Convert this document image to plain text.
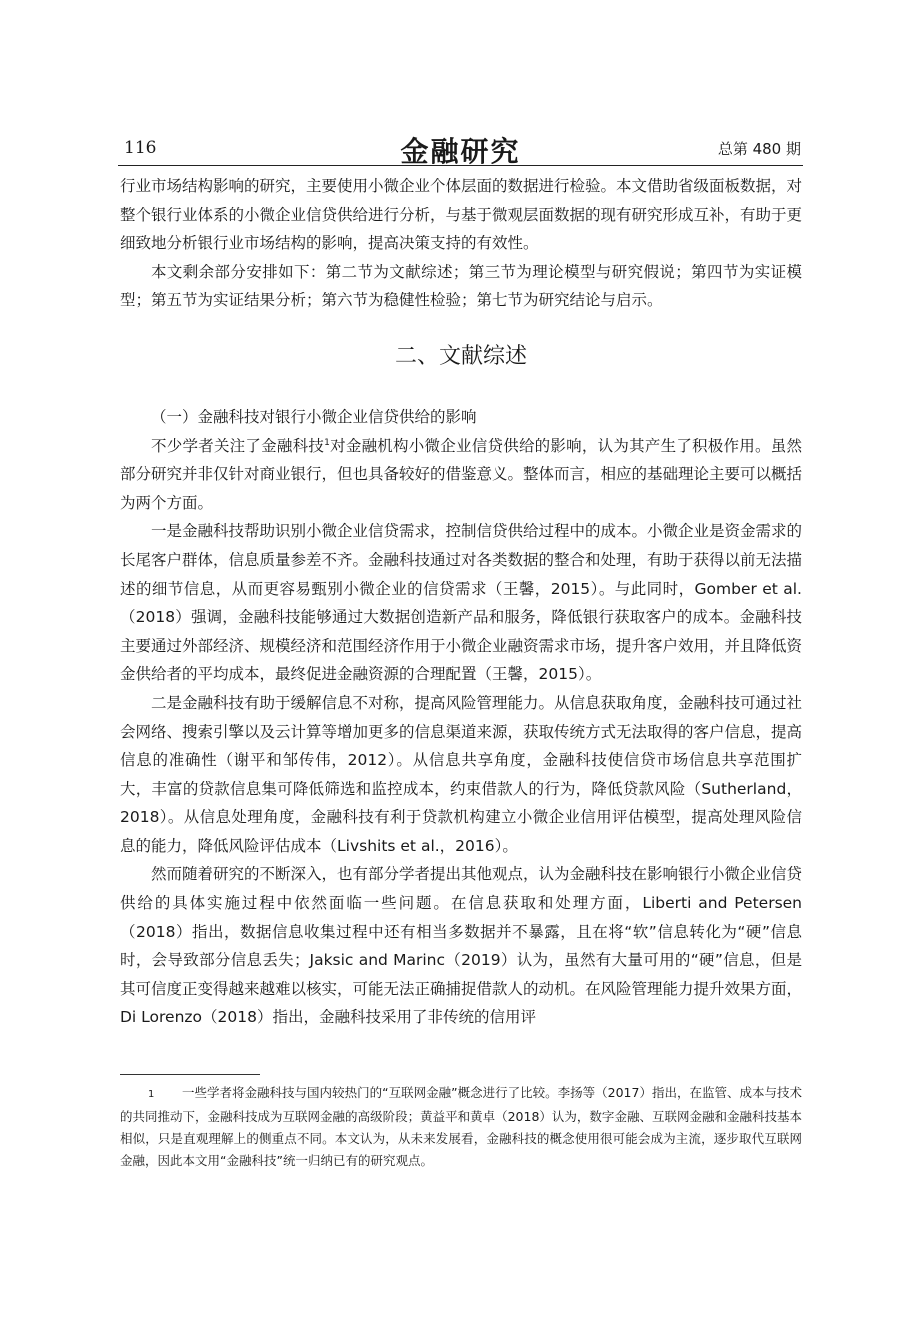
116	金融研究	总第 480 期

行业市场结构影响的研究，主要使用小微企业个体层面的数据进行检验。本文借助省级面板数据，对整个银行业体系的小微企业信贷供给进行分析，与基于微观层面数据的现有研究形成互补，有助于更细致地分析银行业市场结构的影响，提高决策支持的有效性。

本文剩余部分安排如下：第二节为文献综述；第三节为理论模型与研究假说；第四节为实证模型；第五节为实证结果分析；第六节为稳健性检验；第七节为研究结论与启示。

二、文献综述

（一）金融科技对银行小微企业信贷供给的影响

不少学者关注了金融科技$^1$对金融机构小微企业信贷供给的影响，认为其产生了积极作用。虽然部分研究并非仅针对商业银行，但也具备较好的借鉴意义。整体而言，相应的基础理论主要可以概括为两个方面。

一是金融科技帮助识别小微企业信贷需求，控制信贷供给过程中的成本。小微企业是资金需求的长尾客户群体，信息质量参差不齐。金融科技通过对各类数据的整合和处理，有助于获得以前无法描述的细节信息，从而更容易甄别小微企业的信贷需求（王馨，2015）。与此同时，Gomber et al.（2018）强调，金融科技能够通过大数据创造新产品和服务，降低银行获取客户的成本。金融科技主要通过外部经济、规模经济和范围经济作用于小微企业融资需求市场，提升客户效用，并且降低资金供给者的平均成本，最终促进金融资源的合理配置（王馨，2015）。

二是金融科技有助于缓解信息不对称，提高风险管理能力。从信息获取角度，金融科技可通过社会网络、搜索引擎以及云计算等增加更多的信息渠道来源，获取传统方式无法取得的客户信息，提高信息的准确性（谢平和邹传伟，2012）。从信息共享角度，金融科技使信贷市场信息共享范围扩大，丰富的贷款信息集可降低筛选和监控成本，约束借款人的行为，降低贷款风险（Sutherland，2018）。从信息处理角度，金融科技有利于贷款机构建立小微企业信用评估模型，提高处理风险信息的能力，降低风险评估成本（Livshits et al.，2016）。

然而随着研究的不断深入，也有部分学者提出其他观点，认为金融科技在影响银行小微企业信贷供给的具体实施过程中依然面临一些问题。在信息获取和处理方面，Liberti and Petersen（2018）指出，数据信息收集过程中还有相当多数据并不暴露，且在将“软”信息转化为“硬”信息时，会导致部分信息丢失；Jaksic and Marinc（2019）认为，虽然有大量可用的“硬”信息，但是其可信度正变得越来越难以核实，可能无法正确捕捉借款人的动机。在风险管理能力提升效果方面，Di Lorenzo（2018）指出，金融科技采用了非传统的信用评

1 一些学者将金融科技与国内较热门的“互联网金融”概念进行了比较。李扬等（2017）指出，在监管、成本与技术的共同推动下，金融科技成为互联网金融的高级阶段；黄益平和黄卓（2018）认为，数字金融、互联网金融和金融科技基本相似，只是直观理解上的侧重点不同。本文认为，从未来发展看，金融科技的概念使用很可能会成为主流，逐步取代互联网金融，因此本文用“金融科技”统一归纳已有的研究观点。
